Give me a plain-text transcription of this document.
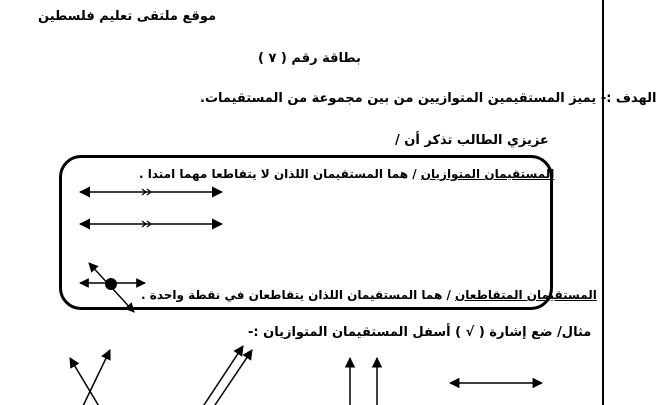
موقع ملتقى تعليم فلسطين
بطاقة رقم ( ٧ )
الهدف :- يميز المستقيمين المتوازيين من بين مجموعة من المستقيمات.
عزيزي الطالب تذكر أن /
المستقيمان المتوازيان / هما المستقيمان اللذان لا يتقاطعا مهما امتدا .
المستقيمان المتقاطعان / هما المستقيمان اللذان يتقاطعان في نقطة واحدة .
مثال/ ضع إشارة ( √ ) أسفل المستقيمان المتوازيان :-
